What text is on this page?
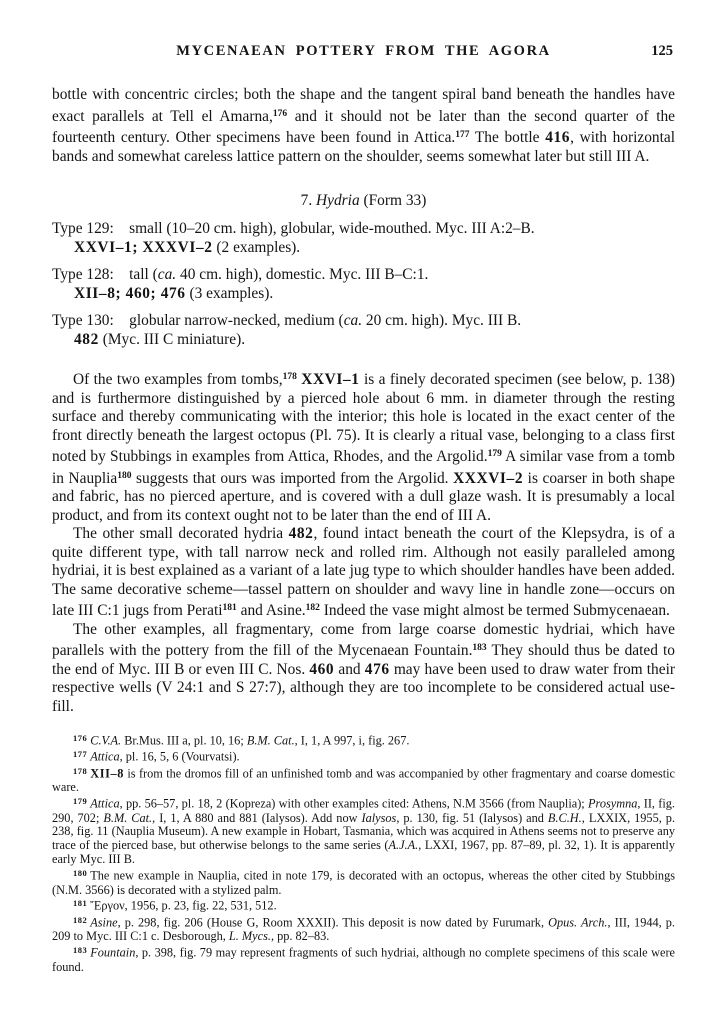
MYCENAEAN POTTERY FROM THE AGORA	125

bottle with concentric circles; both the shape and the tangent spiral band beneath the handles have exact parallels at Tell el Amarna,$^{176}$ and it should not be later than the second quarter of the fourteenth century. Other specimens have been found in Attica.$^{177}$ The bottle 416, with horizontal bands and somewhat careless lattice pattern on the shoulder, seems somewhat later but still III A.

7. Hydria (Form 33)

Type 129: small (10–20 cm. high), globular, wide-mouthed. Myc. III A:2–B.

XXVI–1; XXXVI–2 (2 examples).

Type 128: tall (ca. 40 cm. high), domestic. Myc. III B–C:1.

XII–8; 460; 476 (3 examples).

Type 130: globular narrow-necked, medium (ca. 20 cm. high). Myc. III B.

482 (Myc. III C miniature).

Of the two examples from tombs,$^{178}$ XXVI–1 is a finely decorated specimen (see below, p. 138) and is furthermore distinguished by a pierced hole about 6 mm. in diameter through the resting surface and thereby communicating with the interior; this hole is located in the exact center of the front directly beneath the largest octopus (Pl. 75). It is clearly a ritual vase, belonging to a class first noted by Stubbings in examples from Attica, Rhodes, and the Argolid.$^{179}$ A similar vase from a tomb in Nauplia$^{180}$ suggests that ours was imported from the Argolid. XXXVI–2 is coarser in both shape and fabric, has no pierced aperture, and is covered with a dull glaze wash. It is presumably a local product, and from its context ought not to be later than the end of III A.

The other small decorated hydria 482, found intact beneath the court of the Klepsydra, is of a quite different type, with tall narrow neck and rolled rim. Although not easily paralleled among hydriai, it is best explained as a variant of a late jug type to which shoulder handles have been added. The same decorative scheme—tassel pattern on shoulder and wavy line in handle zone—occurs on late III C:1 jugs from Perati$^{181}$ and Asine.$^{182}$ Indeed the vase might almost be termed Submycenaean.

The other examples, all fragmentary, come from large coarse domestic hydriai, which have parallels with the pottery from the fill of the Mycenaean Fountain.$^{183}$ They should thus be dated to the end of Myc. III B or even III C. Nos. 460 and 476 may have been used to draw water from their respective wells (V 24:1 and S 27:7), although they are too incomplete to be considered actual use-fill.

$^{176}$ C.V.A. Br.Mus. III a, pl. 10, 16; B.M. Cat., I, 1, A 997, i, fig. 267.

$^{177}$ Attica, pl. 16, 5, 6 (Vourvatsi).

$^{178}$ XII–8 is from the dromos fill of an unfinished tomb and was accompanied by other fragmentary and coarse domestic ware.

$^{179}$ Attica, pp. 56–57, pl. 18, 2 (Kopreza) with other examples cited: Athens, N.M 3566 (from Nauplia); Prosymna, II, fig. 290, 702; B.M. Cat., I, 1, A 880 and 881 (Ialysos). Add now Ialysos, p. 130, fig. 51 (Ialysos) and B.C.H., LXXIX, 1955, p. 238, fig. 11 (Nauplia Museum). A new example in Hobart, Tasmania, which was acquired in Athens seems not to preserve any trace of the pierced base, but otherwise belongs to the same series (A.J.A., LXXI, 1967, pp. 87–89, pl. 32, 1). It is apparently early Myc. III B.

$^{180}$ The new example in Nauplia, cited in note 179, is decorated with an octopus, whereas the other cited by Stubbings (N.M. 3566) is decorated with a stylized palm.

$^{181}$ Ἔργον, 1956, p. 23, fig. 22, 531, 512.

$^{182}$ Asine, p. 298, fig. 206 (House G, Room XXXII). This deposit is now dated by Furumark, Opus. Arch., III, 1944, p. 209 to Myc. III C:1 c. Desborough, L. Mycs., pp. 82–83.

$^{183}$ Fountain, p. 398, fig. 79 may represent fragments of such hydriai, although no complete specimens of this scale were found.
